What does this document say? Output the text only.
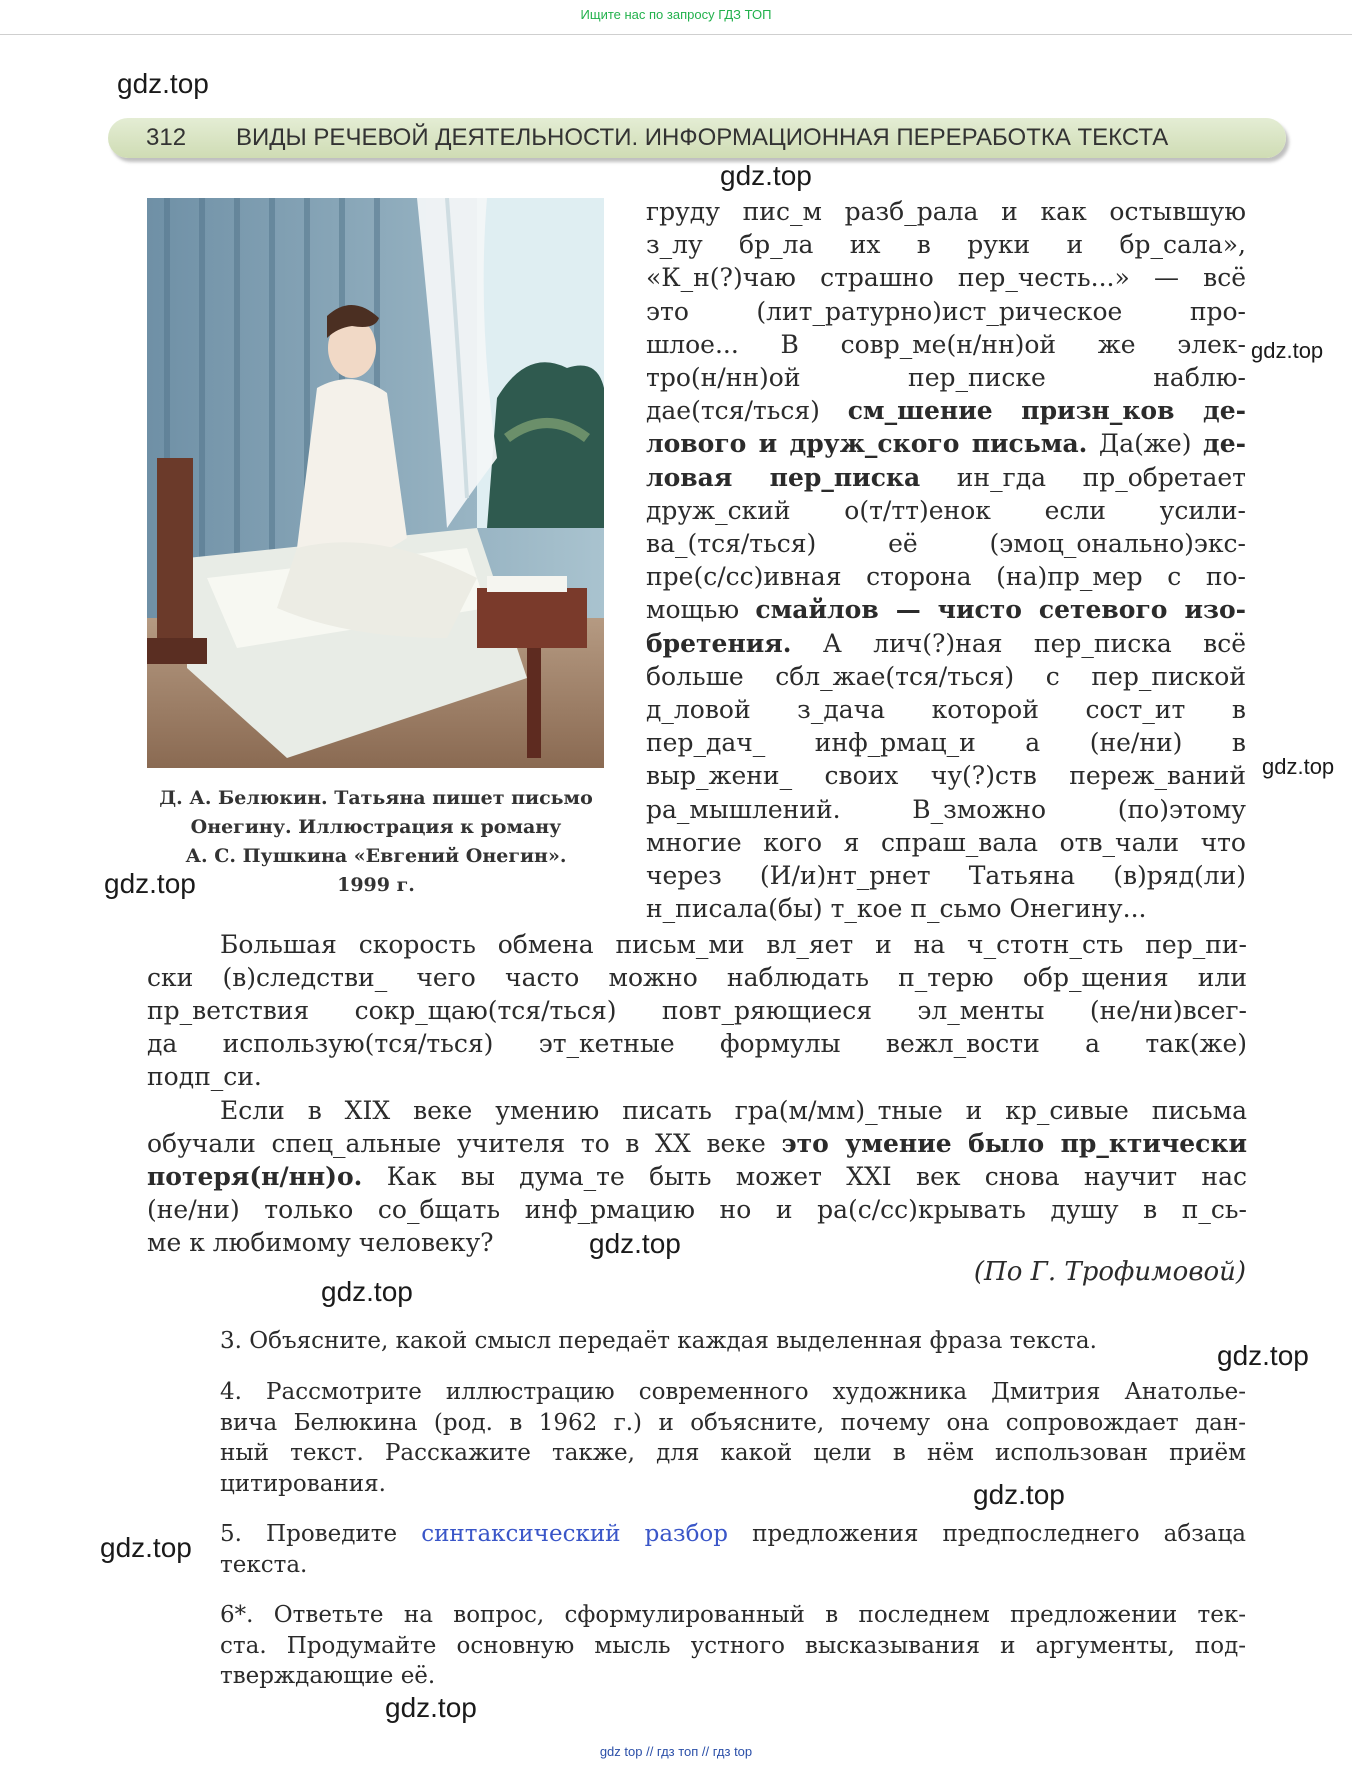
Ищите нас по запросу ГДЗ ТОП
gdz.top
gdz.top
gdz.top
gdz.top
gdz.top
gdz.top
gdz.top
gdz.top
gdz.top
gdz.top
gdz.top
312 ВИДЫ РЕЧЕВОЙ ДЕЯТЕЛЬНОСТИ. ИНФОРМАЦИОННАЯ ПЕРЕРАБОТКА ТЕКСТА
Д. А. Белюкин. Татьяна пишет письмо
Онегину. Иллюстрация к роману
А. С. Пушкина «Евгений Онегин».
1999 г.
груду пис_м разб_рала и как остывшую
з_лу бр_ла их в руки и бр_сала»,
«К_н(?)чаю страшно пер_честь...» — всё
это (лит_ратурно)ист_рическое про-
шлое... В совр_ме(н/нн)ой же элек-
тро(н/нн)ой пер_писке наблю-
дае(тся/ться) см_шение призн_ков де-
лового и друж_ского письма. Да(же) де-
ловая пер_писка ин_гда пр_обретает
друж_ский о(т/тт)енок если усили-
ва_(тся/ться) её (эмоц_онально)экс-
пре(с/сс)ивная сторона (на)пр_мер с по-
мощью смайлов — чисто сетевого изо-
бретения. А лич(?)ная пер_писка всё
больше сбл_жае(тся/ться) с пер_пиской
д_ловой з_дача которой сост_ит в
пер_дач_ инф_рмац_и а (не/ни) в
выр_жени_ своих чу(?)ств переж_ваний
ра_мышлений. В_зможно (по)этому
многие кого я спраш_вала отв_чали что
через (И/и)нт_рнет Татьяна (в)ряд(ли)
н_писала(бы) т_кое п_сьмо Онегину...
Большая скорость обмена письм_ми вл_яет и на ч_стотн_сть пер_пи-
ски (в)следстви_ чего часто можно наблюдать п_терю обр_щения или
пр_ветствия сокр_щаю(тся/ться) повт_ряющиеся эл_менты (не/ни)всег-
да использую(тся/ться) эт_кетные формулы вежл_вости а так(же)
подп_си.
Если в XIX веке умению писать гра(м/мм)_тные и кр_сивые письма
обучали спец_альные учителя то в XX веке это умение было пр_ктически
потеря(н/нн)о. Как вы дума_те быть может XXI век снова научит нас
(не/ни) только со_бщать инф_рмацию но и ра(с/сс)крывать душу в п_сь-
ме к любимому человеку?
(По Г. Трофимовой)
3. Объясните, какой смысл передаёт каждая выделенная фраза текста.
4. Рассмотрите иллюстрацию современного художника Дмитрия Анатолье-
вича Белюкина (род. в 1962 г.) и объясните, почему она сопровождает дан-
ный текст. Расскажите также, для какой цели в нём использован приём
цитирования.
5. Проведите синтаксический разбор предложения предпоследнего абзаца
текста.
6*. Ответьте на вопрос, сформулированный в последнем предложении тек-
ста. Продумайте основную мысль устного высказывания и аргументы, под-
тверждающие её.
gdz top // гдз топ // гдз top
